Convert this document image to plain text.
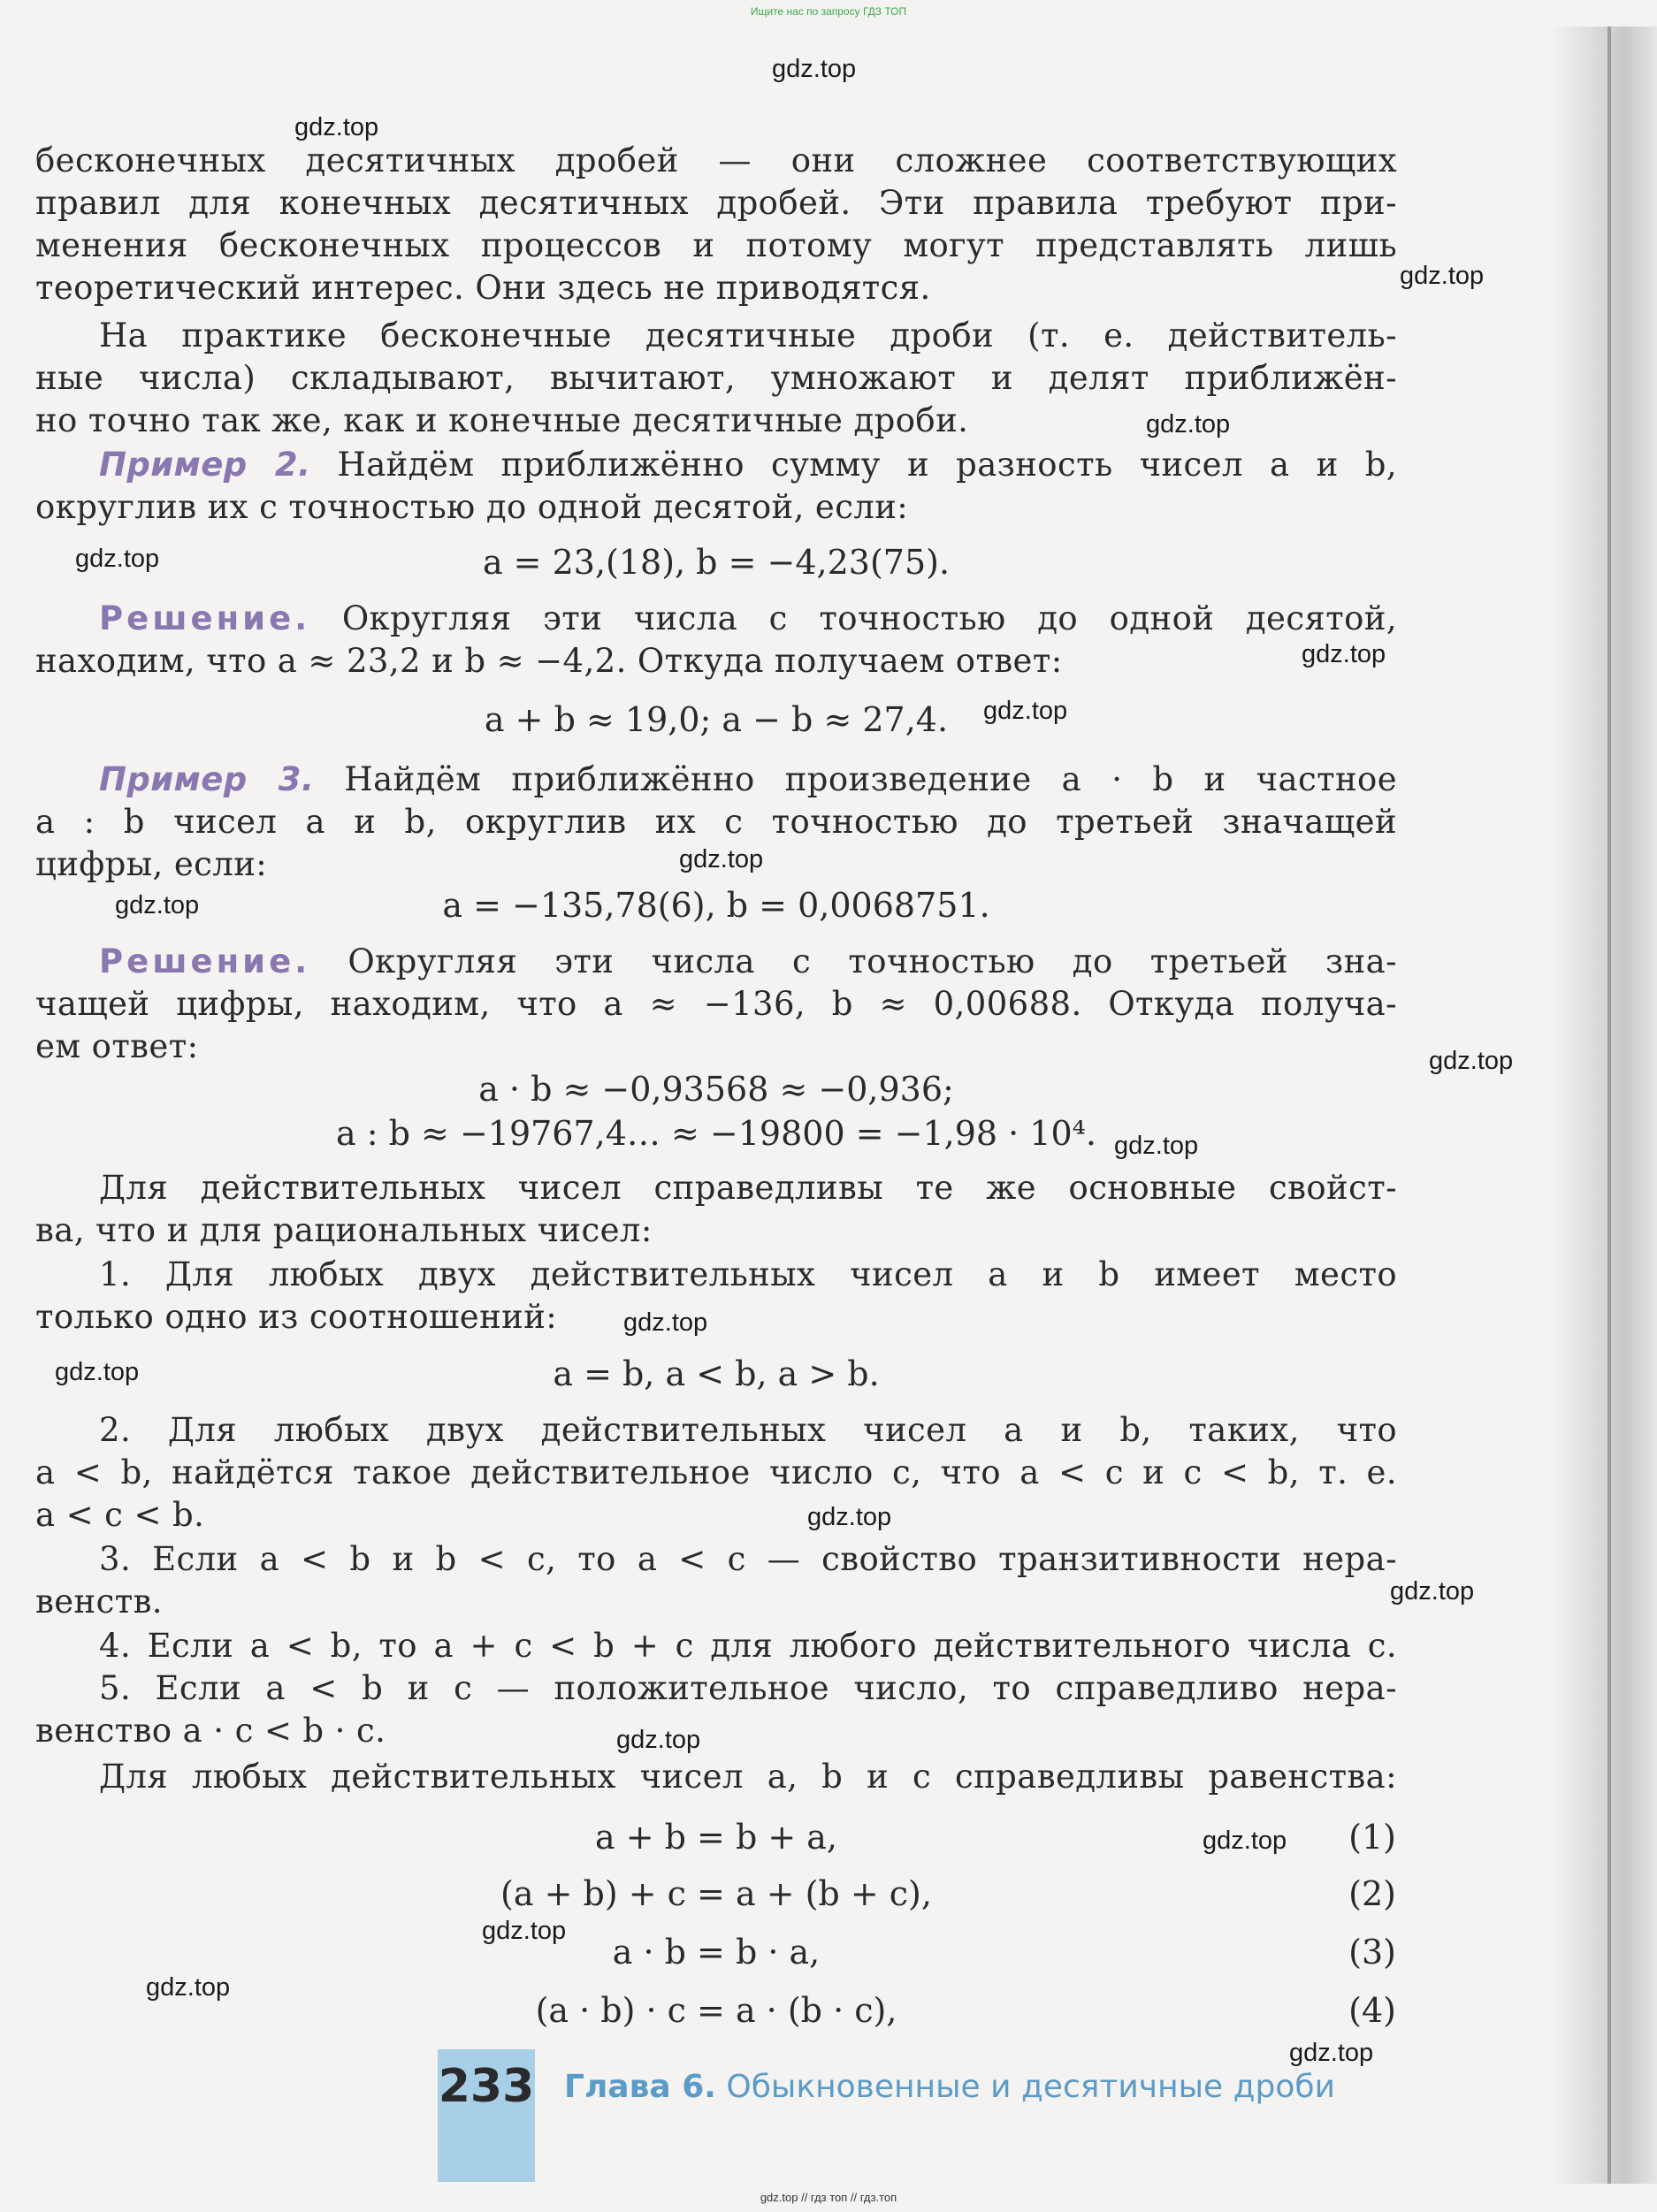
Ищите нас по запросу ГДЗ ТОП
бесконечных десятичных дробей — они сложнее соответствующих
правил для конечных десятичных дробей. Эти правила требуют при-
менения бесконечных процессов и потому могут представлять лишь
теоретический интерес. Они здесь не приводятся.
На практике бесконечные десятичные дроби (т. е. действитель-
ные числа) складывают, вычитают, умножают и делят приближён-
но точно так же, как и конечные десятичные дроби.
Пример 2. Найдём приближённо сумму и разность чисел a и b,
округлив их с точностью до одной десятой, если:
a = 23,(18), b = −4,23(75).
Решение. Округляя эти числа с точностью до одной десятой,
находим, что a ≈ 23,2 и b ≈ −4,2. Откуда получаем ответ:
a + b ≈ 19,0; a − b ≈ 27,4.
Пример 3. Найдём приближённо произведение a · b и частное
a : b чисел a и b, округлив их с точностью до третьей значащей
цифры, если:
a = −135,78(6), b = 0,0068751.
Решение. Округляя эти числа с точностью до третьей зна-
чащей цифры, находим, что a ≈ −136, b ≈ 0,00688. Откуда получа-
ем ответ:
a · b ≈ −0,93568 ≈ −0,936;
a : b ≈ −19767,4… ≈ −19800 = −1,98 · 10⁴.
Для действительных чисел справедливы те же основные свойст-
ва, что и для рациональных чисел:
1. Для любых двух действительных чисел a и b имеет место
только одно из соотношений:
a = b, a < b, a > b.
2. Для любых двух действительных чисел a и b, таких, что
a < b, найдётся такое действительное число c, что a < c и c < b, т. е.
a < c < b.
3. Если a < b и b < c, то a < c — свойство транзитивности нера-
венств.
4. Если a < b, то a + c < b + c для любого действительного числа c.
5. Если a < b и c — положительное число, то справедливо нера-
венство a · c < b · c.
Для любых действительных чисел a, b и c справедливы равенства:
a + b = b + a,	(1)
(a + b) + c = a + (b + c),	(2)
a · b = b · a,	(3)
(a · b) · c = a · (b · c),	(4)
233 Глава 6. Обыкновенные и десятичные дроби
gdz.top // гдз топ // гдз.топ
gdz.top
gdz.top
gdz.top
gdz.top
gdz.top
gdz.top
gdz.top
gdz.top
gdz.top
gdz.top
gdz.top
gdz.top
gdz.top
gdz.top
gdz.top
gdz.top
gdz.top
gdz.top
gdz.top
gdz.top
